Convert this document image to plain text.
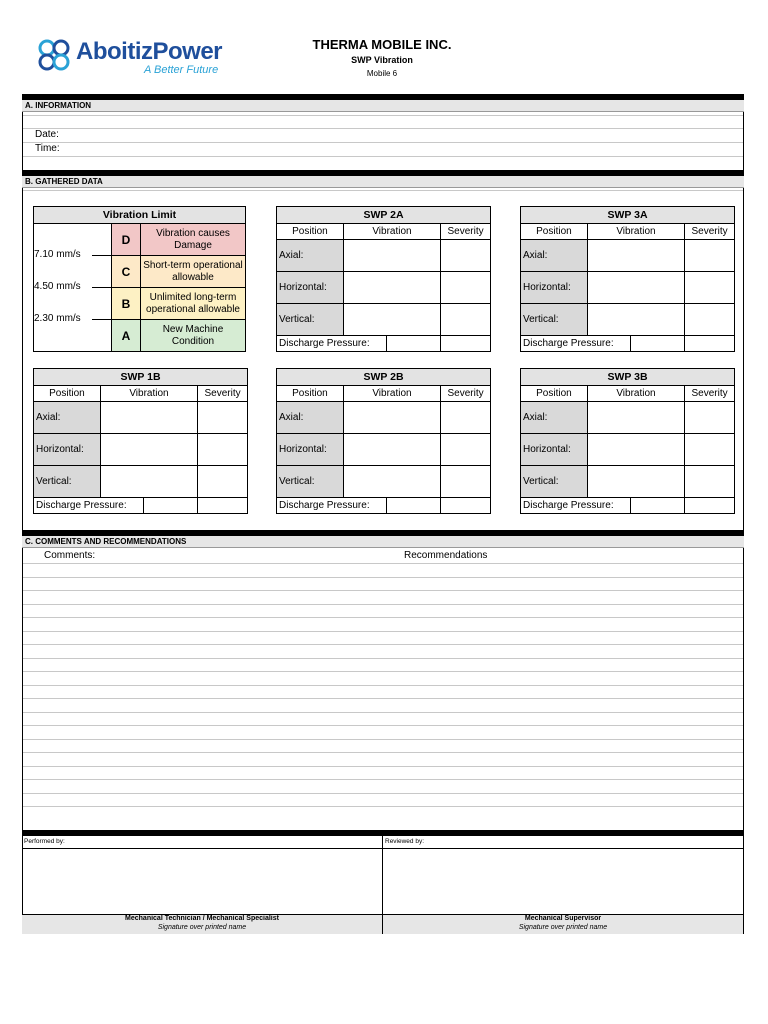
AboitizPower
A Better Future
THERMA MOBILE INC.
SWP Vibration
Mobile 6
A. INFORMATION
Date:
Time:
B. GATHERED DATA
Vibration Limit
D	Vibration causes Damage
C	Short-term operational allowable
B	Unlimited long-term operational allowable
A	New Machine Condition
7.10 mm/s
4.50 mm/s
2.30 mm/s
SWP 2A		
Position	Vibration	Severity
Axial:		
Horizontal:		
Vertical:		

Discharge Pressure:		

SWP 3A		
Position	Vibration	Severity
Axial:		
Horizontal:		
Vertical:		

Discharge Pressure:		

SWP 1B		
Position	Vibration	Severity
Axial:		
Horizontal:		
Vertical:		

Discharge Pressure:		

SWP 2B		
Position	Vibration	Severity
Axial:		
Horizontal:		
Vertical:		

Discharge Pressure:		

SWP 3B		
Position	Vibration	Severity
Axial:		
Horizontal:		
Vertical:		

Discharge Pressure:		

C. COMMENTS AND RECOMMENDATIONS
Comments:	Recommendations
Performed by:
Mechanical Technician / Mechanical Specialist
Signature over printed name
Reviewed by:
Mechanical Supervisor
Signature over printed name
